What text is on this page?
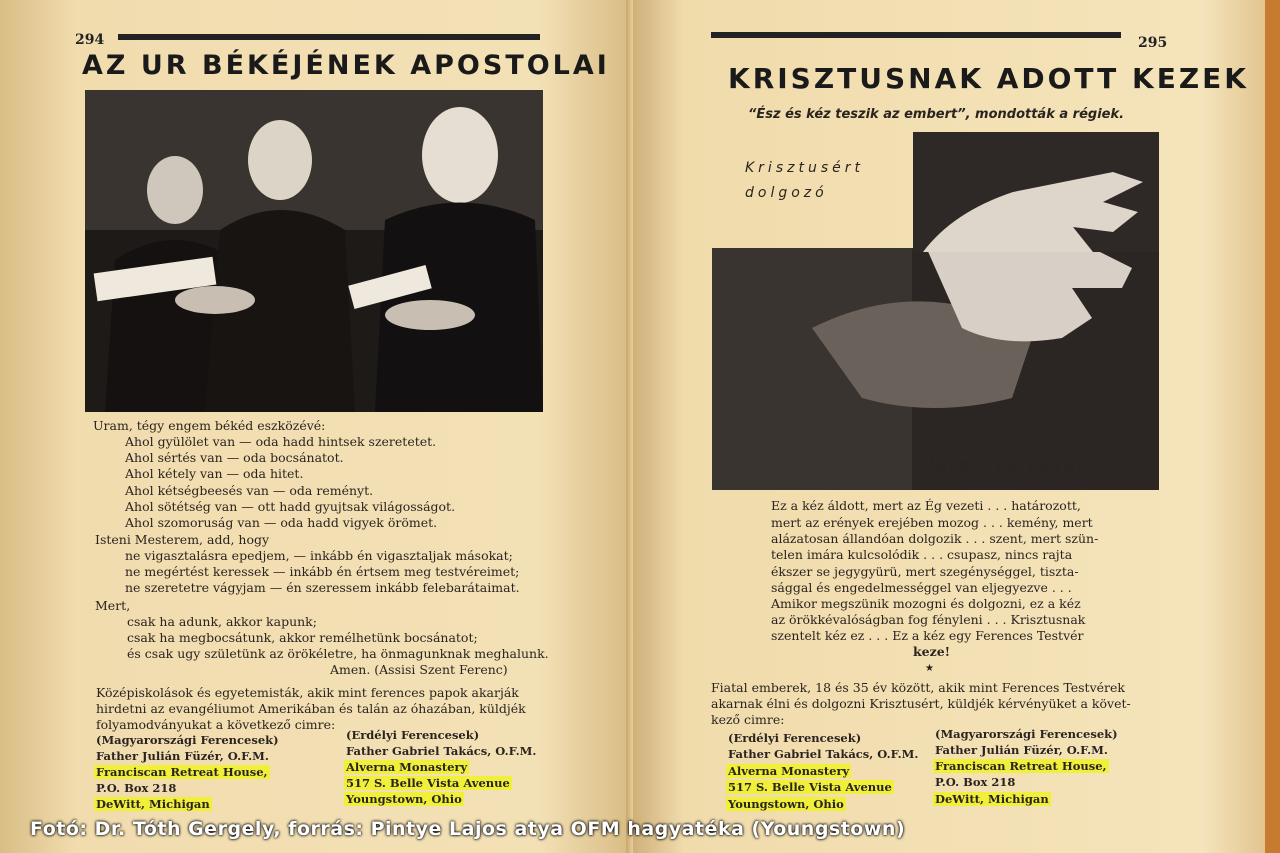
294
AZ UR BÉKÉJÉNEK APOSTOLAI
Uram, tégy engem békéd eszközévé:
Ahol gyülölet van — oda hadd hintsek szeretetet.
Ahol sértés van — oda bocsánatot.
Ahol kétely van — oda hitet.
Ahol kétségbeesés van — oda reményt.
Ahol sötétség van — ott hadd gyujtsak világosságot.
Ahol szomoruság van — oda hadd vigyek örömet.
Isteni Mesterem, add, hogy
ne vigasztalásra epedjem, — inkább én vigasztaljak másokat;
ne megértést keressek — inkább én értsem meg testvéreimet;
ne szeretetre vágyjam — én szeressem inkább felebarátaimat.
Mert,
csak ha adunk, akkor kapunk;
csak ha megbocsátunk, akkor remélhetünk bocsánatot;
és csak ugy születünk az örökéletre, ha önmagunknak meghalunk.
Amen. (Assisi Szent Ferenc)
Középiskolások és egyetemisták, akik mint ferences papok akarják
hirdetni az evangéliumot Amerikában és talán az óhazában, küldjék
folyamodványukat a következő cimre:
(Magyarországi Ferencesek)
Father Julián Füzér, O.F.M.
Franciscan Retreat House,
P.O. Box 218
DeWitt, Michigan
(Erdélyi Ferencesek)
Father Gabriel Takács, O.F.M.
Alverna Monastery
517 S. Belle Vista Avenue
Youngstown, Ohio
295
KRISZTUSNAK ADOTT KEZEK
“Ész és kéz teszik az embert”, mondották a régiek.
Krisztusért
dolgozó
ferences kezek.
Ez a kéz áldott, mert az Ég vezeti . . . határozott,
mert az erények erejében mozog . . . kemény, mert
alázatosan állandóan dolgozik . . . szent, mert szün-
telen imára kulcsolódik . . . csupasz, nincs rajta
ékszer se jegygyürü, mert szegénységgel, tiszta-
sággal és engedelmességgel van eljegyezve . . .
Amikor megszünik mozogni és dolgozni, ez a kéz
az örökkévalóságban fog fényleni . . . Krisztusnak
szentelt kéz ez . . . Ez a kéz egy Ferences Testvér
keze!
★
Fiatal emberek, 18 és 35 év között, akik mint Ferences Testvérek
akarnak élni és dolgozni Krisztusért, küldjék kérvényüket a követ-
kező cimre:
(Erdélyi Ferencesek)
Father Gabriel Takács, O.F.M.
Alverna Monastery
517 S. Belle Vista Avenue
Youngstown, Ohio
(Magyarországi Ferencesek)
Father Julián Füzér, O.F.M.
Franciscan Retreat House,
P.O. Box 218
DeWitt, Michigan
Fotó: Dr. Tóth Gergely, forrás: Pintye Lajos atya OFM hagyatéka (Youngstown)
